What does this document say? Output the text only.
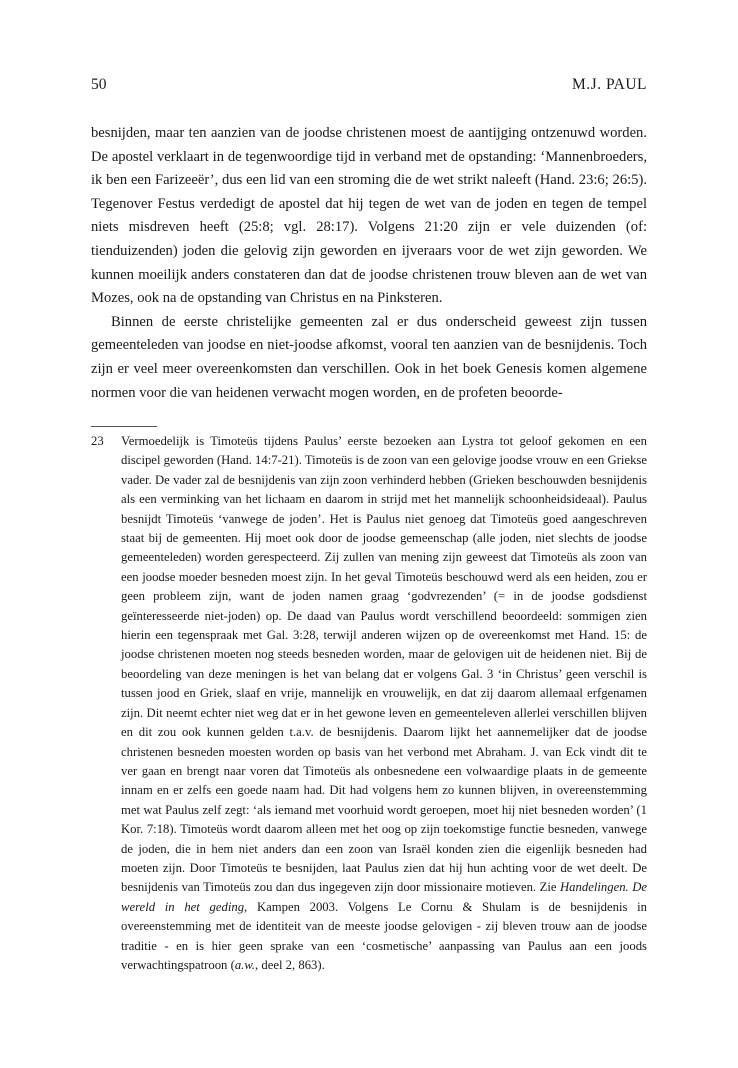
50	M.J. PAUL

besnijden, maar ten aanzien van de joodse christenen moest de aantijging ontzenuwd worden. De apostel verklaart in de tegenwoordige tijd in verband met de opstanding: ‘Mannenbroeders, ik ben een Farizeeër’, dus een lid van een stroming die de wet strikt naleeft (Hand. 23:6; 26:5). Tegenover Festus verdedigt de apostel dat hij tegen de wet van de joden en tegen de tempel niets misdreven heeft (25:8; vgl. 28:17). Volgens 21:20 zijn er vele duizenden (of: tienduizenden) joden die gelovig zijn geworden en ijveraars voor de wet zijn geworden. We kunnen moeilijk anders constateren dan dat de joodse christenen trouw bleven aan de wet van Mozes, ook na de opstanding van Christus en na Pinksteren.

Binnen de eerste christelijke gemeenten zal er dus onderscheid geweest zijn tussen gemeenteleden van joodse en niet-joodse afkomst, vooral ten aanzien van de besnijdenis. Toch zijn er veel meer overeenkomsten dan verschillen. Ook in het boek Genesis komen algemene normen voor die van heidenen verwacht mogen worden, en de profeten beoorde-

23 Vermoedelijk is Timoteüs tijdens Paulus’ eerste bezoeken aan Lystra tot geloof gekomen en een discipel geworden (Hand. 14:7-21). Timoteüs is de zoon van een gelovige joodse vrouw en een Griekse vader. De vader zal de besnijdenis van zijn zoon verhinderd hebben (Grieken beschouwden besnijdenis als een verminking van het lichaam en daarom in strijd met het mannelijk schoonheidsideaal). Paulus besnijdt Timoteüs ‘vanwege de joden’. Het is Paulus niet genoeg dat Timoteüs goed aangeschreven staat bij de gemeenten. Hij moet ook door de joodse gemeenschap (alle joden, niet slechts de joodse gemeenteleden) worden gerespecteerd. Zij zullen van mening zijn geweest dat Timoteüs als zoon van een joodse moeder besneden moest zijn. In het geval Timoteüs beschouwd werd als een heiden, zou er geen probleem zijn, want de joden namen graag ‘godvrezenden’ (= in de joodse godsdienst geïnteresseerde niet-joden) op. De daad van Paulus wordt verschillend beoordeeld: sommigen zien hierin een tegenspraak met Gal. 3:28, terwijl anderen wijzen op de overeenkomst met Hand. 15: de joodse christenen moeten nog steeds besneden worden, maar de gelovigen uit de heidenen niet. Bij de beoordeling van deze meningen is het van belang dat er volgens Gal. 3 ‘in Christus’ geen verschil is tussen jood en Griek, slaaf en vrije, mannelijk en vrouwelijk, en dat zij daarom allemaal erfgenamen zijn. Dit neemt echter niet weg dat er in het gewone leven en gemeenteleven allerlei verschillen blijven en dit zou ook kunnen gelden t.a.v. de besnijdenis. Daarom lijkt het aannemelijker dat de joodse christenen besneden moesten worden op basis van het verbond met Abraham. J. van Eck vindt dit te ver gaan en brengt naar voren dat Timoteüs als onbesnedene een volwaardige plaats in de gemeente innam en er zelfs een goede naam had. Dit had volgens hem zo kunnen blijven, in overeenstemming met wat Paulus zelf zegt: ‘als iemand met voorhuid wordt geroepen, moet hij niet besneden worden’ (1 Kor. 7:18). Timoteüs wordt daarom alleen met het oog op zijn toekomstige functie besneden, vanwege de joden, die in hem niet anders dan een zoon van Israël konden zien die eigenlijk besneden had moeten zijn. Door Timoteüs te besnijden, laat Paulus zien dat hij hun achting voor de wet deelt. De besnijdenis van Timoteüs zou dan dus ingegeven zijn door missionaire motieven. Zie Handelingen. De wereld in het geding, Kampen 2003. Volgens Le Cornu & Shulam is de besnijdenis in overeenstemming met de identiteit van de meeste joodse gelovigen - zij bleven trouw aan de joodse traditie - en is hier geen sprake van een ‘cosmetische’ aanpassing van Paulus aan een joods verwachtingspatroon (a.w., deel 2, 863).
